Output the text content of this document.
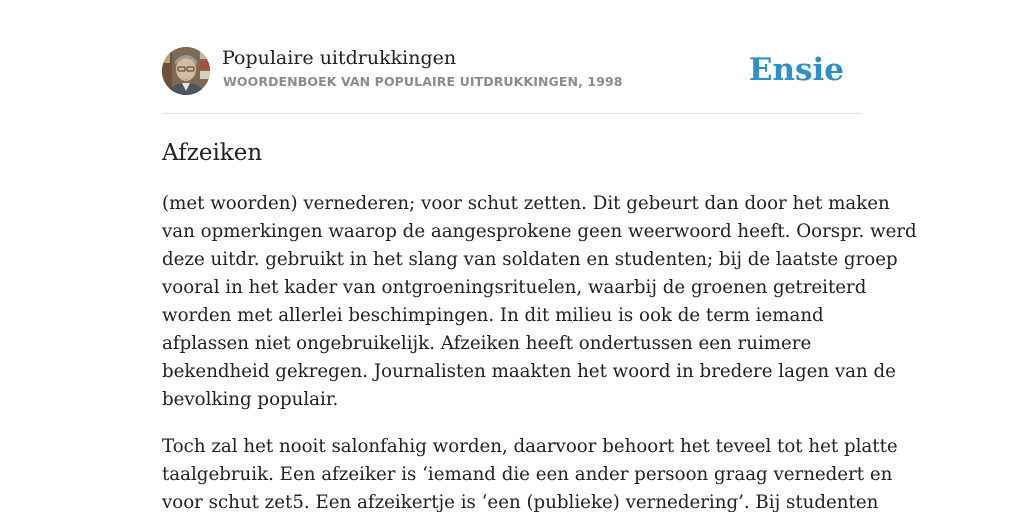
Populaire uitdrukkingen
WOORDENBOEK VAN POPULAIRE UITDRUKKINGEN, 1998	Ensie
Afzeiken

(met woorden) vernederen; voor schut zetten. Dit gebeurt dan door het maken
van opmerkingen waarop de aangesprokene geen weerwoord heeft. Oorspr. werd
deze uitdr. gebruikt in het slang van soldaten en studenten; bij de laatste groep
vooral in het kader van ontgroeningsrituelen, waarbij de groenen getreiterd
worden met allerlei beschimpingen. In dit milieu is ook de term iemand
afplassen niet ongebruikelijk. Afzeiken heeft ondertussen een ruimere
bekendheid gekregen. Journalisten maakten het woord in bredere lagen van de
bevolking populair.

Toch zal het nooit salonfahig worden, daarvoor behoort het teveel tot het platte
taalgebruik. Een afzeiker is ‘iemand die een ander persoon graag vernedert en
voor schut zet5. Een afzeikertje is ‘een (publieke) vernedering’. Bij studenten
